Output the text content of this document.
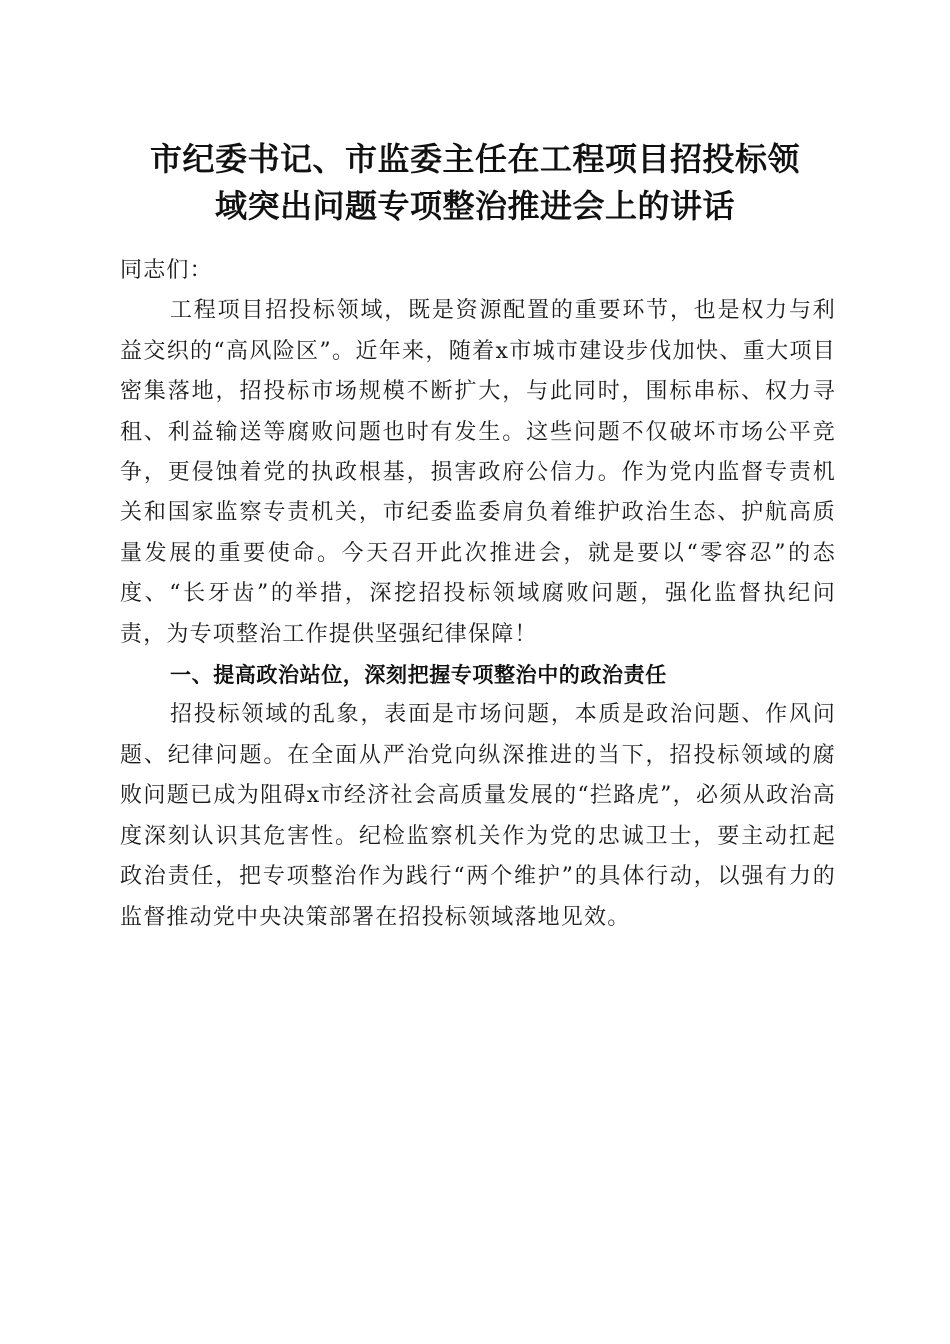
市纪委书记、市监委主任在工程项目招投标领
域突出问题专项整治推进会上的讲话

同志们：

工程项目招投标领域，既是资源配置的重要环节，也是权力与利益交织的“高风险区”。近年来，随着x市城市建设步伐加快、重大项目密集落地，招投标市场规模不断扩大，与此同时，围标串标、权力寻租、利益输送等腐败问题也时有发生。这些问题不仅破坏市场公平竞争，更侵蚀着党的执政根基，损害政府公信力。作为党内监督专责机关和国家监察专责机关，市纪委监委肩负着维护政治生态、护航高质量发展的重要使命。今天召开此次推进会，就是要以“零容忍”的态度、“长牙齿”的举措，深挖招投标领域腐败问题，强化监督执纪问责，为专项整治工作提供坚强纪律保障！

一、提高政治站位，深刻把握专项整治中的政治责任

招投标领域的乱象，表面是市场问题，本质是政治问题、作风问题、纪律问题。在全面从严治党向纵深推进的当下，招投标领域的腐败问题已成为阻碍x市经济社会高质量发展的“拦路虎”，必须从政治高度深刻认识其危害性。纪检监察机关作为党的忠诚卫士，要主动扛起政治责任，把专项整治作为践行“两个维护”的具体行动，以强有力的监督推动党中央决策部署在招投标领域落地见效。
